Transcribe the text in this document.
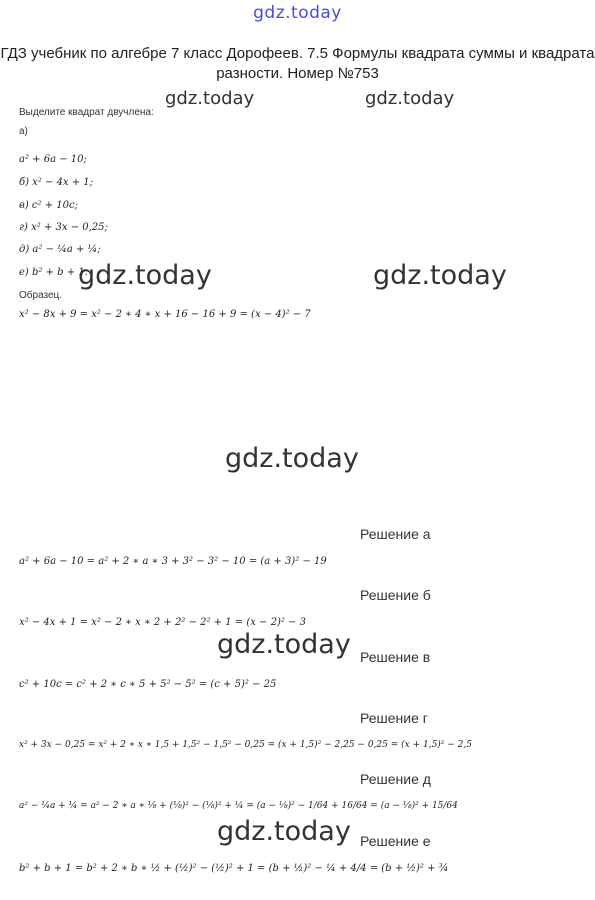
gdz.today
ГДЗ учебник по алгебре 7 класс Дорофеев. 7.5 Формулы квадрата суммы и квадрата разности. Номер №753
gdz.today	gdz.today
gdz.today	gdz.today
gdz.today
gdz.today
gdz.today
Выделите квадрат двучлена:
а)
a² + 6a − 10;
б) x² − 4x + 1;
в) c² + 10c;
г) x² + 3x − 0,25;
д) a² − ¼a + ¼;
е) b² + b + 1.
Образец.
x² − 8x + 9 = x² − 2 ∗ 4 ∗ x + 16 − 16 + 9 = (x − 4)² − 7
Решение а
a² + 6a − 10 = a² + 2 ∗ a ∗ 3 + 3² − 3² − 10 = (a + 3)² − 19
Решение б
x² − 4x + 1 = x² − 2 ∗ x ∗ 2 + 2² − 2² + 1 = (x − 2)² − 3
Решение в
c² + 10c = c² + 2 ∗ c ∗ 5 + 5² − 5² = (c + 5)² − 25
Решение г
x² + 3x − 0,25 = x² + 2 ∗ x ∗ 1,5 + 1,5² − 1,5² − 0,25 = (x + 1,5)² − 2,25 − 0,25 = (x + 1,5)² − 2,5
Решение д
a² − ¼a + ¼ = a² − 2 ∗ a ∗ ⅛ + (⅛)² − (⅛)² + ¼ = (a − ⅛)² − 1/64 + 16/64 = (a − ⅛)² + 15/64
Решение е
b² + b + 1 = b² + 2 ∗ b ∗ ½ + (½)² − (½)² + 1 = (b + ½)² − ¼ + 4/4 = (b + ½)² + ¾
